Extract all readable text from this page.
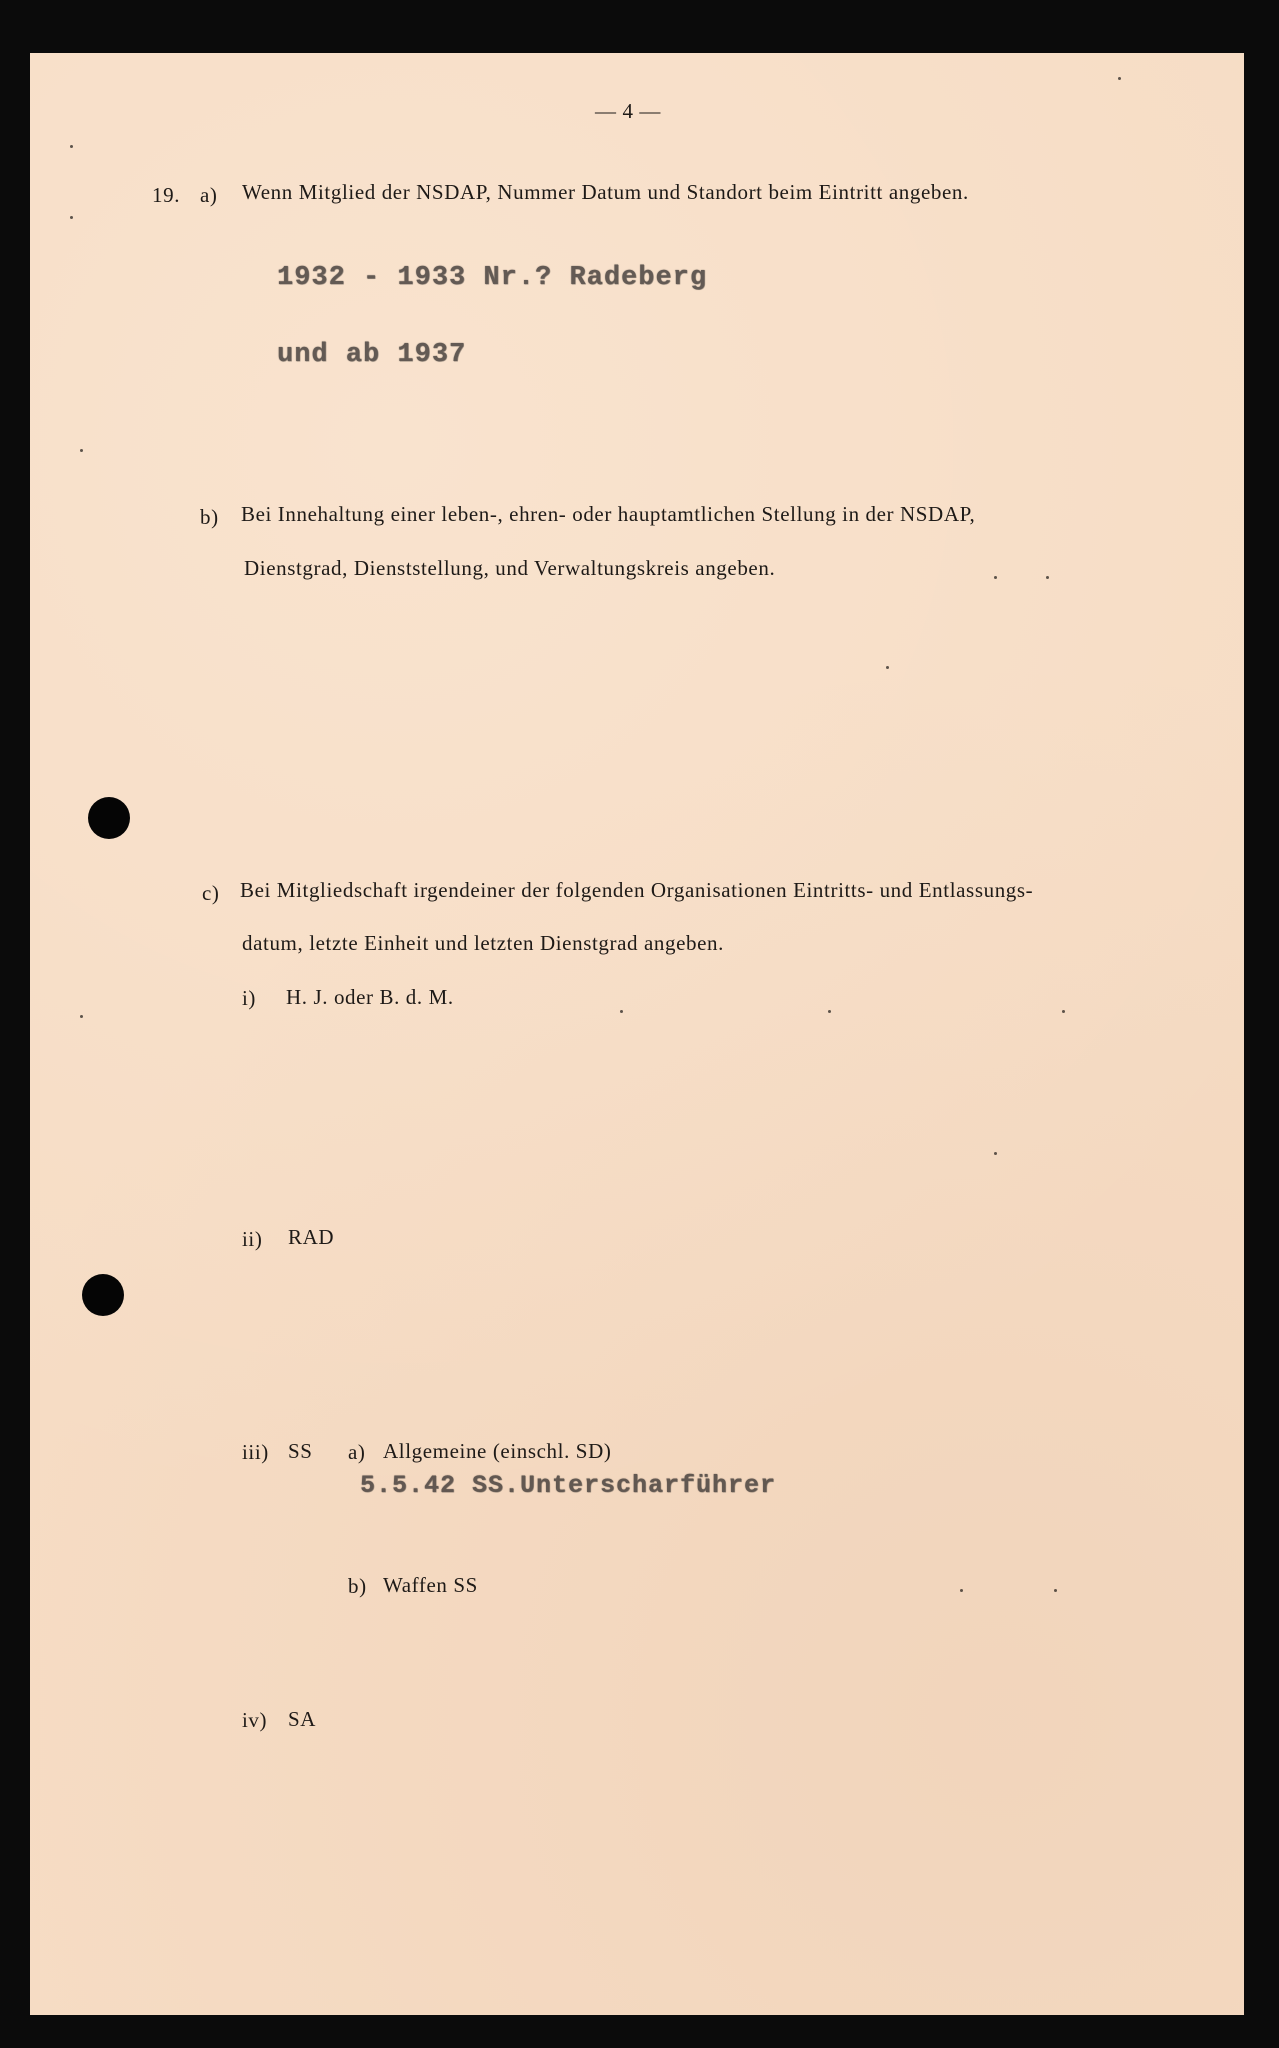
— 4 —
19. a) Wenn Mitglied der NSDAP, Nummer Datum und Standort beim Eintritt angeben.
1932 - 1933 Nr.? Radeberg
und ab 1937
b) Bei Innehaltung einer leben-, ehren- oder hauptamtlichen Stellung in der NSDAP,
Dienstgrad, Dienststellung, und Verwaltungskreis angeben.
c) Bei Mitgliedschaft irgendeiner der folgenden Organisationen Eintritts- und Entlassungs-
datum, letzte Einheit und letzten Dienstgrad angeben.
i) H. J. oder B. d. M.
ii) RAD
iii) SS a) Allgemeine (einschl. SD)
5.5.42 SS.Unterscharführer
b) Waffen SS
iv) SA
